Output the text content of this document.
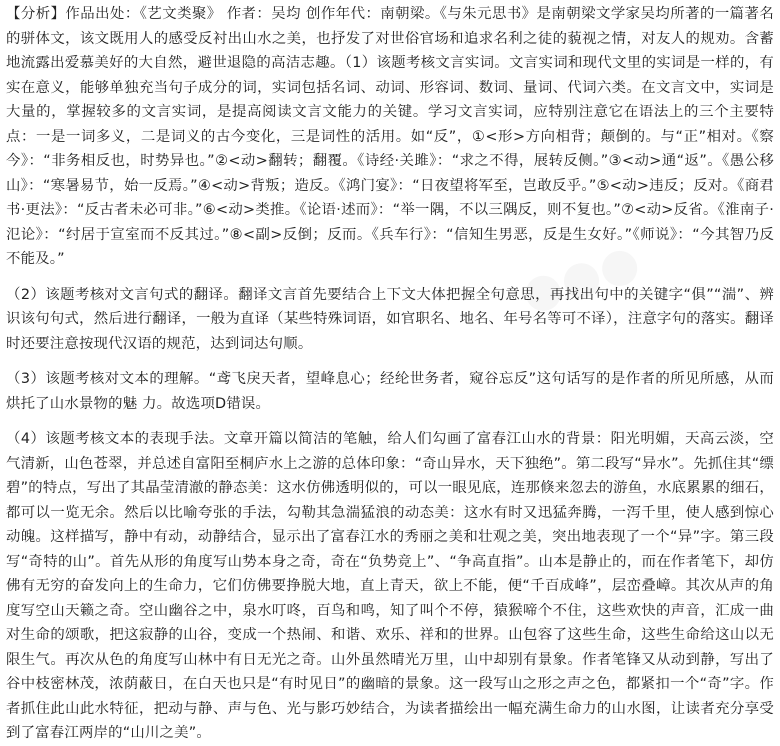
【分析】作品出处：《艺文类聚》 作者：吴均 创作年代：南朝梁。《与朱元思书》是南朝梁文学家吴均所著的一篇著名的骈体文，该文既用人的感受反衬出山水之美，也抒发了对世俗官场和追求名利之徒的藐视之情，对友人的规劝。含蓄地流露出爱慕美好的大自然，避世退隐的高洁志趣。（1）该题考核文言实词。文言实词和现代文里的实词是一样的，有实在意义，能够单独充当句子成分的词，实词包括名词、动词、形容词、数词、量词、代词六类。在文言文中，实词是大量的，掌握较多的文言实词，是提高阅读文言文能力的关键。学习文言实词，应特别注意它在语法上的三个主要特点：一是一词多义，二是词义的古今变化，三是词性的活用。如“反”，①<形>方向相背；颠倒的。与“正”相对。《察今》：“非务相反也，时势异也。”②<动>翻转；翻覆。《诗经·关雎》：“求之不得，展转反侧。”③<动>通“返”。《愚公移山》：“寒暑易节，始一反焉。”④<动>背叛；造反。《鸿门宴》：“日夜望将军至，岂敢反乎。”⑤<动>违反；反对。《商君书·更法》：“反古者未必可非。”⑥<动>类推。《论语·述而》：“举一隅，不以三隅反，则不复也。”⑦<动>反省。《淮南子·氾论》：“纣居于宣室而不反其过。”⑧<副>反倒；反而。《兵车行》：“信知生男恶，反是生女好。”《师说》：“今其智乃反不能及。”

（2）该题考核对文言句式的翻译。翻译文言首先要结合上下文大体把握全句意思，再找出句中的关键字“俱”“湍”、辨识该句句式，然后进行翻译，一般为直译（某些特殊词语，如官职名、地名、年号名等可不译），注意字句的落实。翻译时还要注意按现代汉语的规范，达到词达句顺。

（3）该题考核对文本的理解。“鸢飞戾天者，望峰息心；经纶世务者，窥谷忘反”这句话写的是作者的所见所感，从而烘托了山水景物的魅 力。故选项D错误。

（4）该题考核文本的表现手法。文章开篇以简洁的笔触，给人们勾画了富春江山水的背景：阳光明媚，天高云淡，空气清新，山色苍翠，并总述自富阳至桐庐水上之游的总体印象：“奇山异水，天下独绝”。第二段写“异水”。先抓住其“缥碧”的特点，写出了其晶莹清澈的静态美：这水仿佛透明似的，可以一眼见底，连那倏来忽去的游鱼，水底累累的细石，都可以一览无余。然后以比喻夸张的手法，勾勒其急湍猛浪的动态美：这水有时又迅猛奔腾，一泻千里，使人感到惊心动魄。这样描写，静中有动，动静结合，显示出了富春江水的秀丽之美和壮观之美，突出地表现了一个“异”字。第三段写“奇特的山”。首先从形的角度写山势本身之奇，奇在“负势竞上”、“争高直指”。山本是静止的，而在作者笔下，却仿佛有无穷的奋发向上的生命力，它们仿佛要挣脱大地，直上青天，欲上不能，便“千百成峰”，层峦叠嶂。其次从声的角度写空山天籁之奇。空山幽谷之中，泉水叮咚，百鸟和鸣，知了叫个不停，猿猴啼个不住，这些欢快的声音，汇成一曲对生命的颂歌，把这寂静的山谷，变成一个热闹、和谐、欢乐、祥和的世界。山包容了这些生命，这些生命给这山以无限生气。再次从色的角度写山林中有日无光之奇。山外虽然晴光万里，山中却别有景象。作者笔锋又从动到静，写出了谷中枝密林茂，浓荫蔽日，在白天也只是“有时见日”的幽暗的景象。这一段写山之形之声之色，都紧扣一个“奇”字。作者抓住此山此水特征，把动与静、声与色、光与影巧妙结合，为读者描绘出一幅充满生命力的山水图，让读者充分享受到了富春江两岸的“山川之美”。
